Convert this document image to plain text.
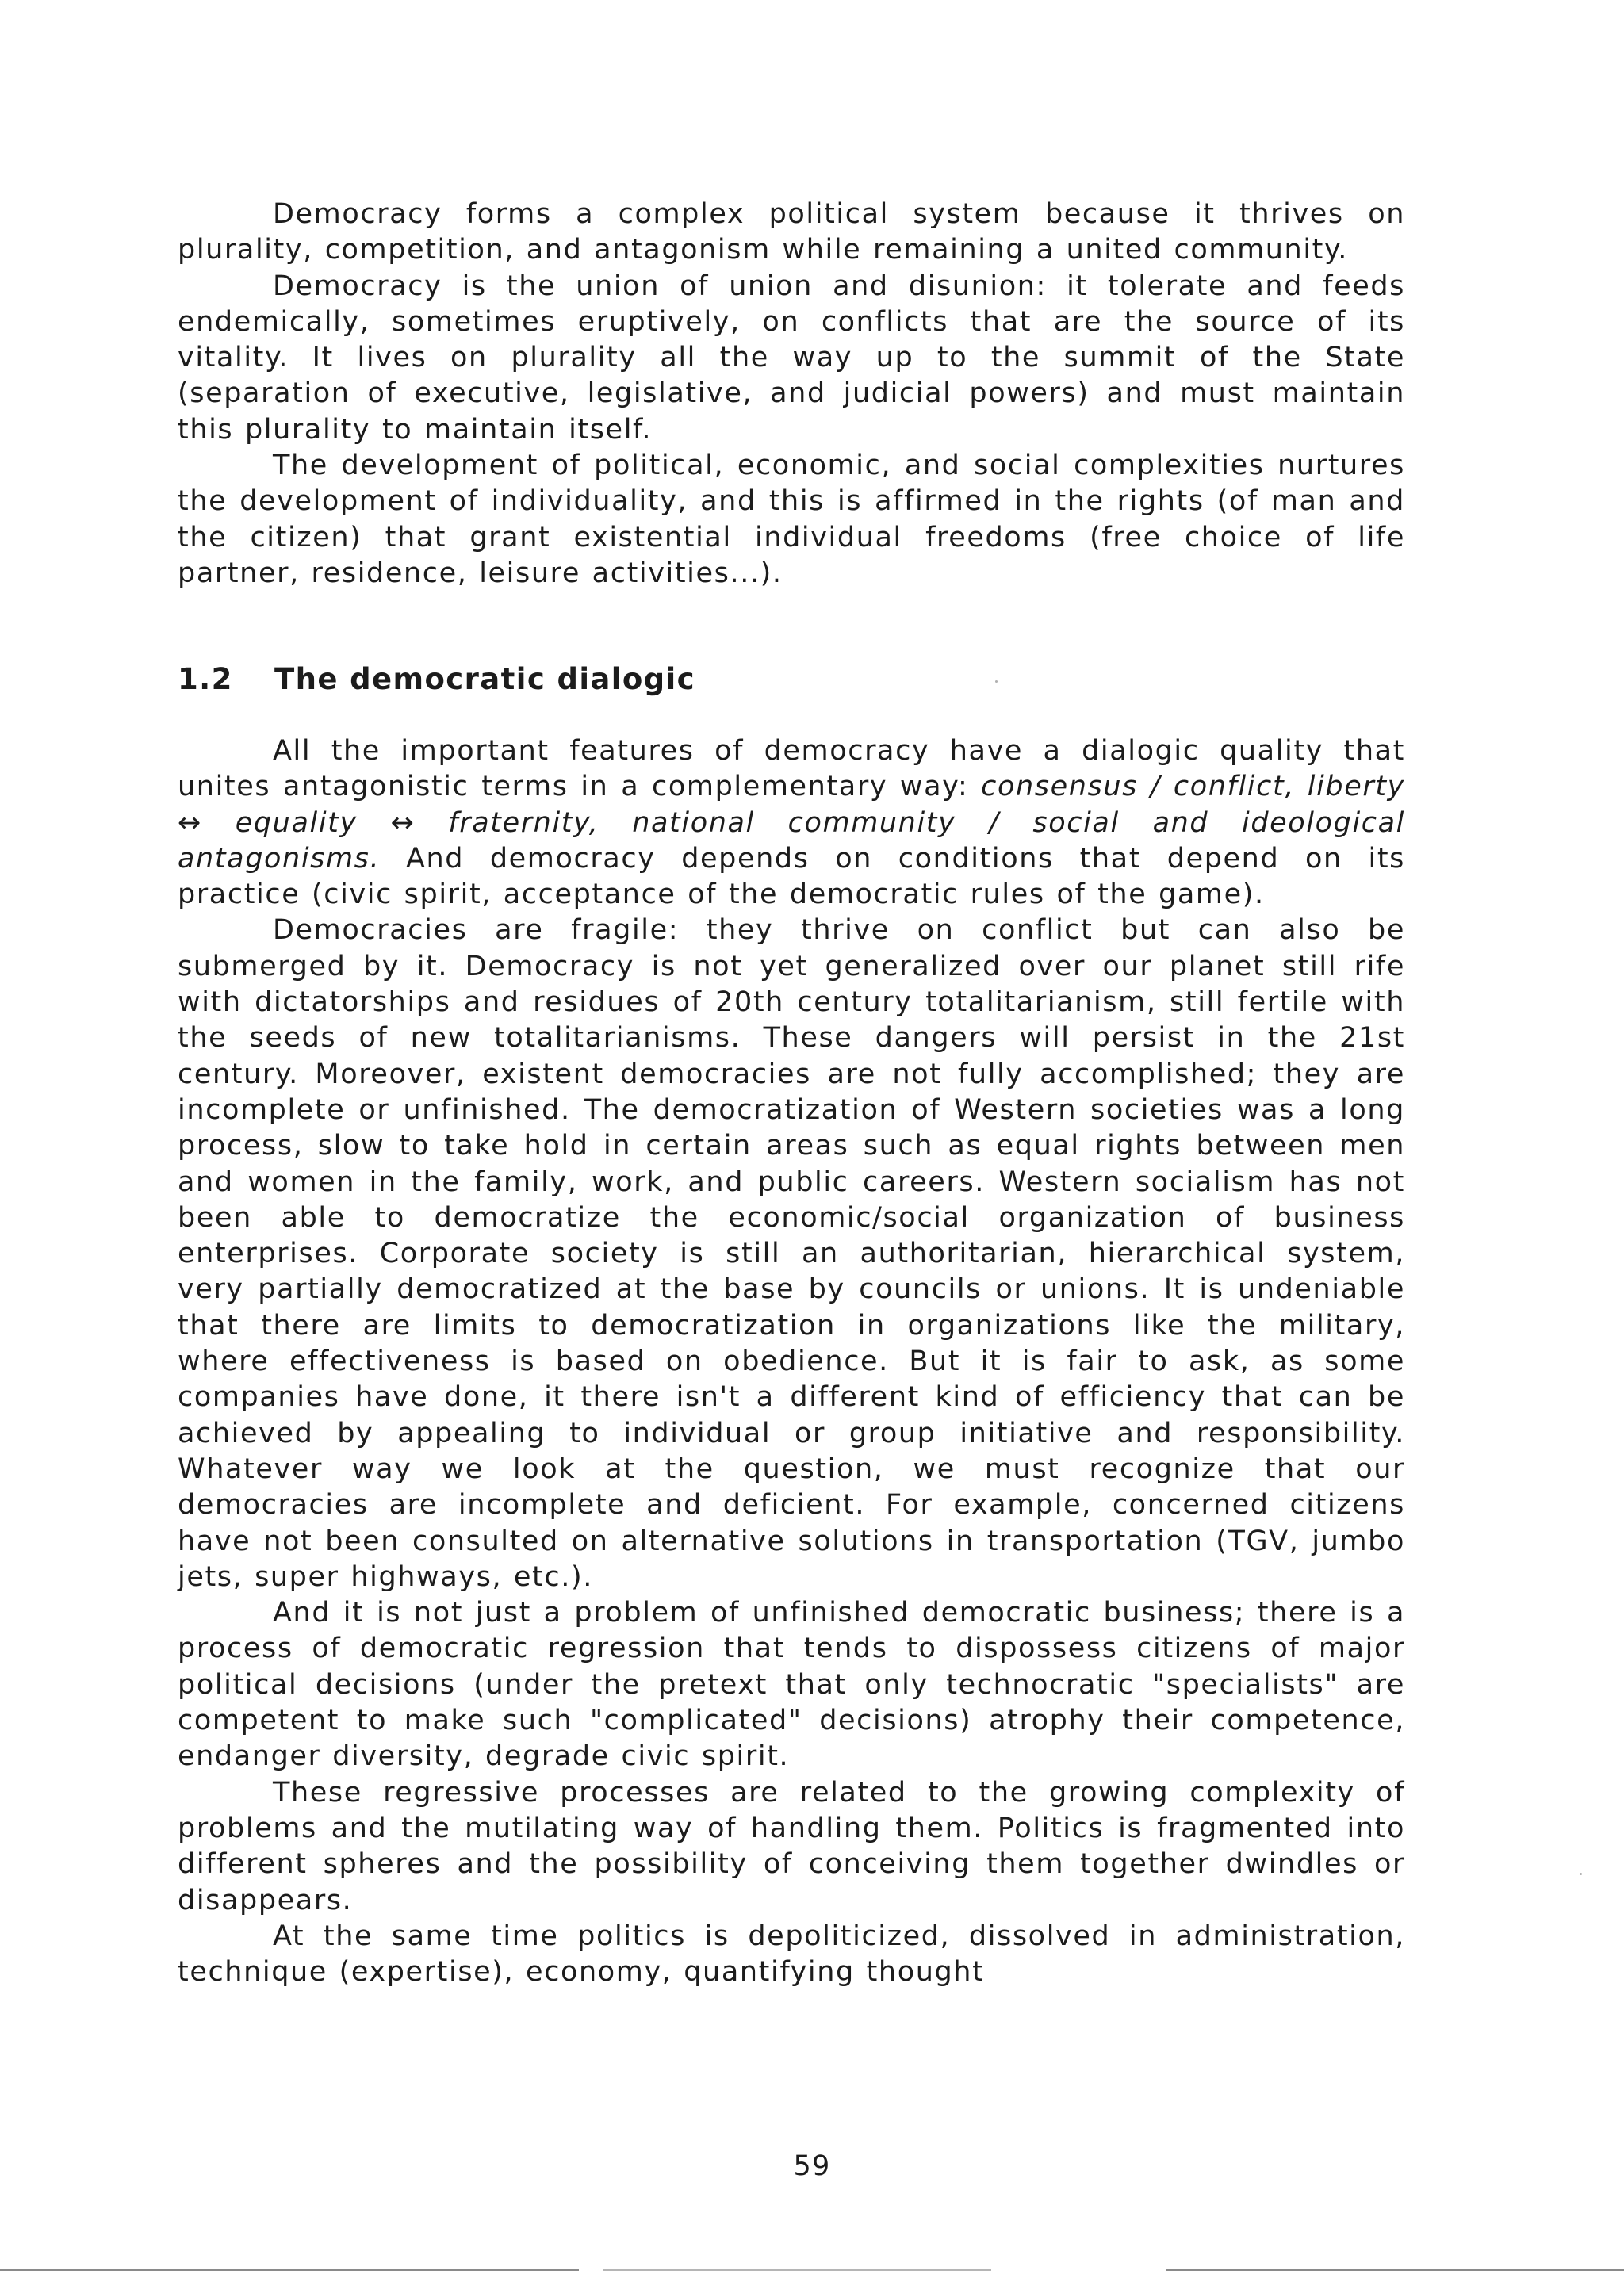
Democracy forms a complex political system because it thrives on plurality, competition, and antagonism while remaining a united community.

Democracy is the union of union and disunion: it tolerate and feeds endemically, sometimes eruptively, on conflicts that are the source of its vitality. It lives on plurality all the way up to the summit of the State (separation of executive, legislative, and judicial powers) and must maintain this plurality to maintain itself.

The development of political, economic, and social complexities nurtures the development of individuality, and this is affirmed in the rights (of man and the citizen) that grant existential individual freedoms (free choice of life partner, residence, leisure activities...).

1.2 The democratic dialogic

All the important features of democracy have a dialogic quality that unites antagonistic terms in a complementary way: consensus / conflict, liberty ↔ equality ↔ fraternity, national community / social and ideological antagonisms. And democracy depends on conditions that depend on its practice (civic spirit, acceptance of the democratic rules of the game).

Democracies are fragile: they thrive on conflict but can also be submerged by it. Democracy is not yet generalized over our planet still rife with dictatorships and residues of 20th century totalitarianism, still fertile with the seeds of new totalitarianisms. These dangers will persist in the 21st century. Moreover, existent democracies are not fully accomplished; they are incomplete or unfinished. The democratization of Western societies was a long process, slow to take hold in certain areas such as equal rights between men and women in the family, work, and public careers. Western socialism has not been able to democratize the economic/social organization of business enterprises. Corporate society is still an authoritarian, hierarchical system, very partially democratized at the base by councils or unions. It is undeniable that there are limits to democratization in organizations like the military, where effectiveness is based on obedience. But it is fair to ask, as some companies have done, it there isn't a different kind of efficiency that can be achieved by appealing to individual or group initiative and responsibility. Whatever way we look at the question, we must recognize that our democracies are incomplete and deficient. For example, concerned citizens have not been consulted on alternative solutions in transportation (TGV, jumbo jets, super highways, etc.).

And it is not just a problem of unfinished democratic business; there is a process of democratic regression that tends to dispossess citizens of major political decisions (under the pretext that only technocratic "specialists" are competent to make such "complicated" decisions) atrophy their competence, endanger diversity, degrade civic spirit.

These regressive processes are related to the growing complexity of problems and the mutilating way of handling them. Politics is fragmented into different spheres and the possibility of conceiving them together dwindles or disappears.

At the same time politics is depoliticized, dissolved in administration, technique (expertise), economy, quantifying thought

59
